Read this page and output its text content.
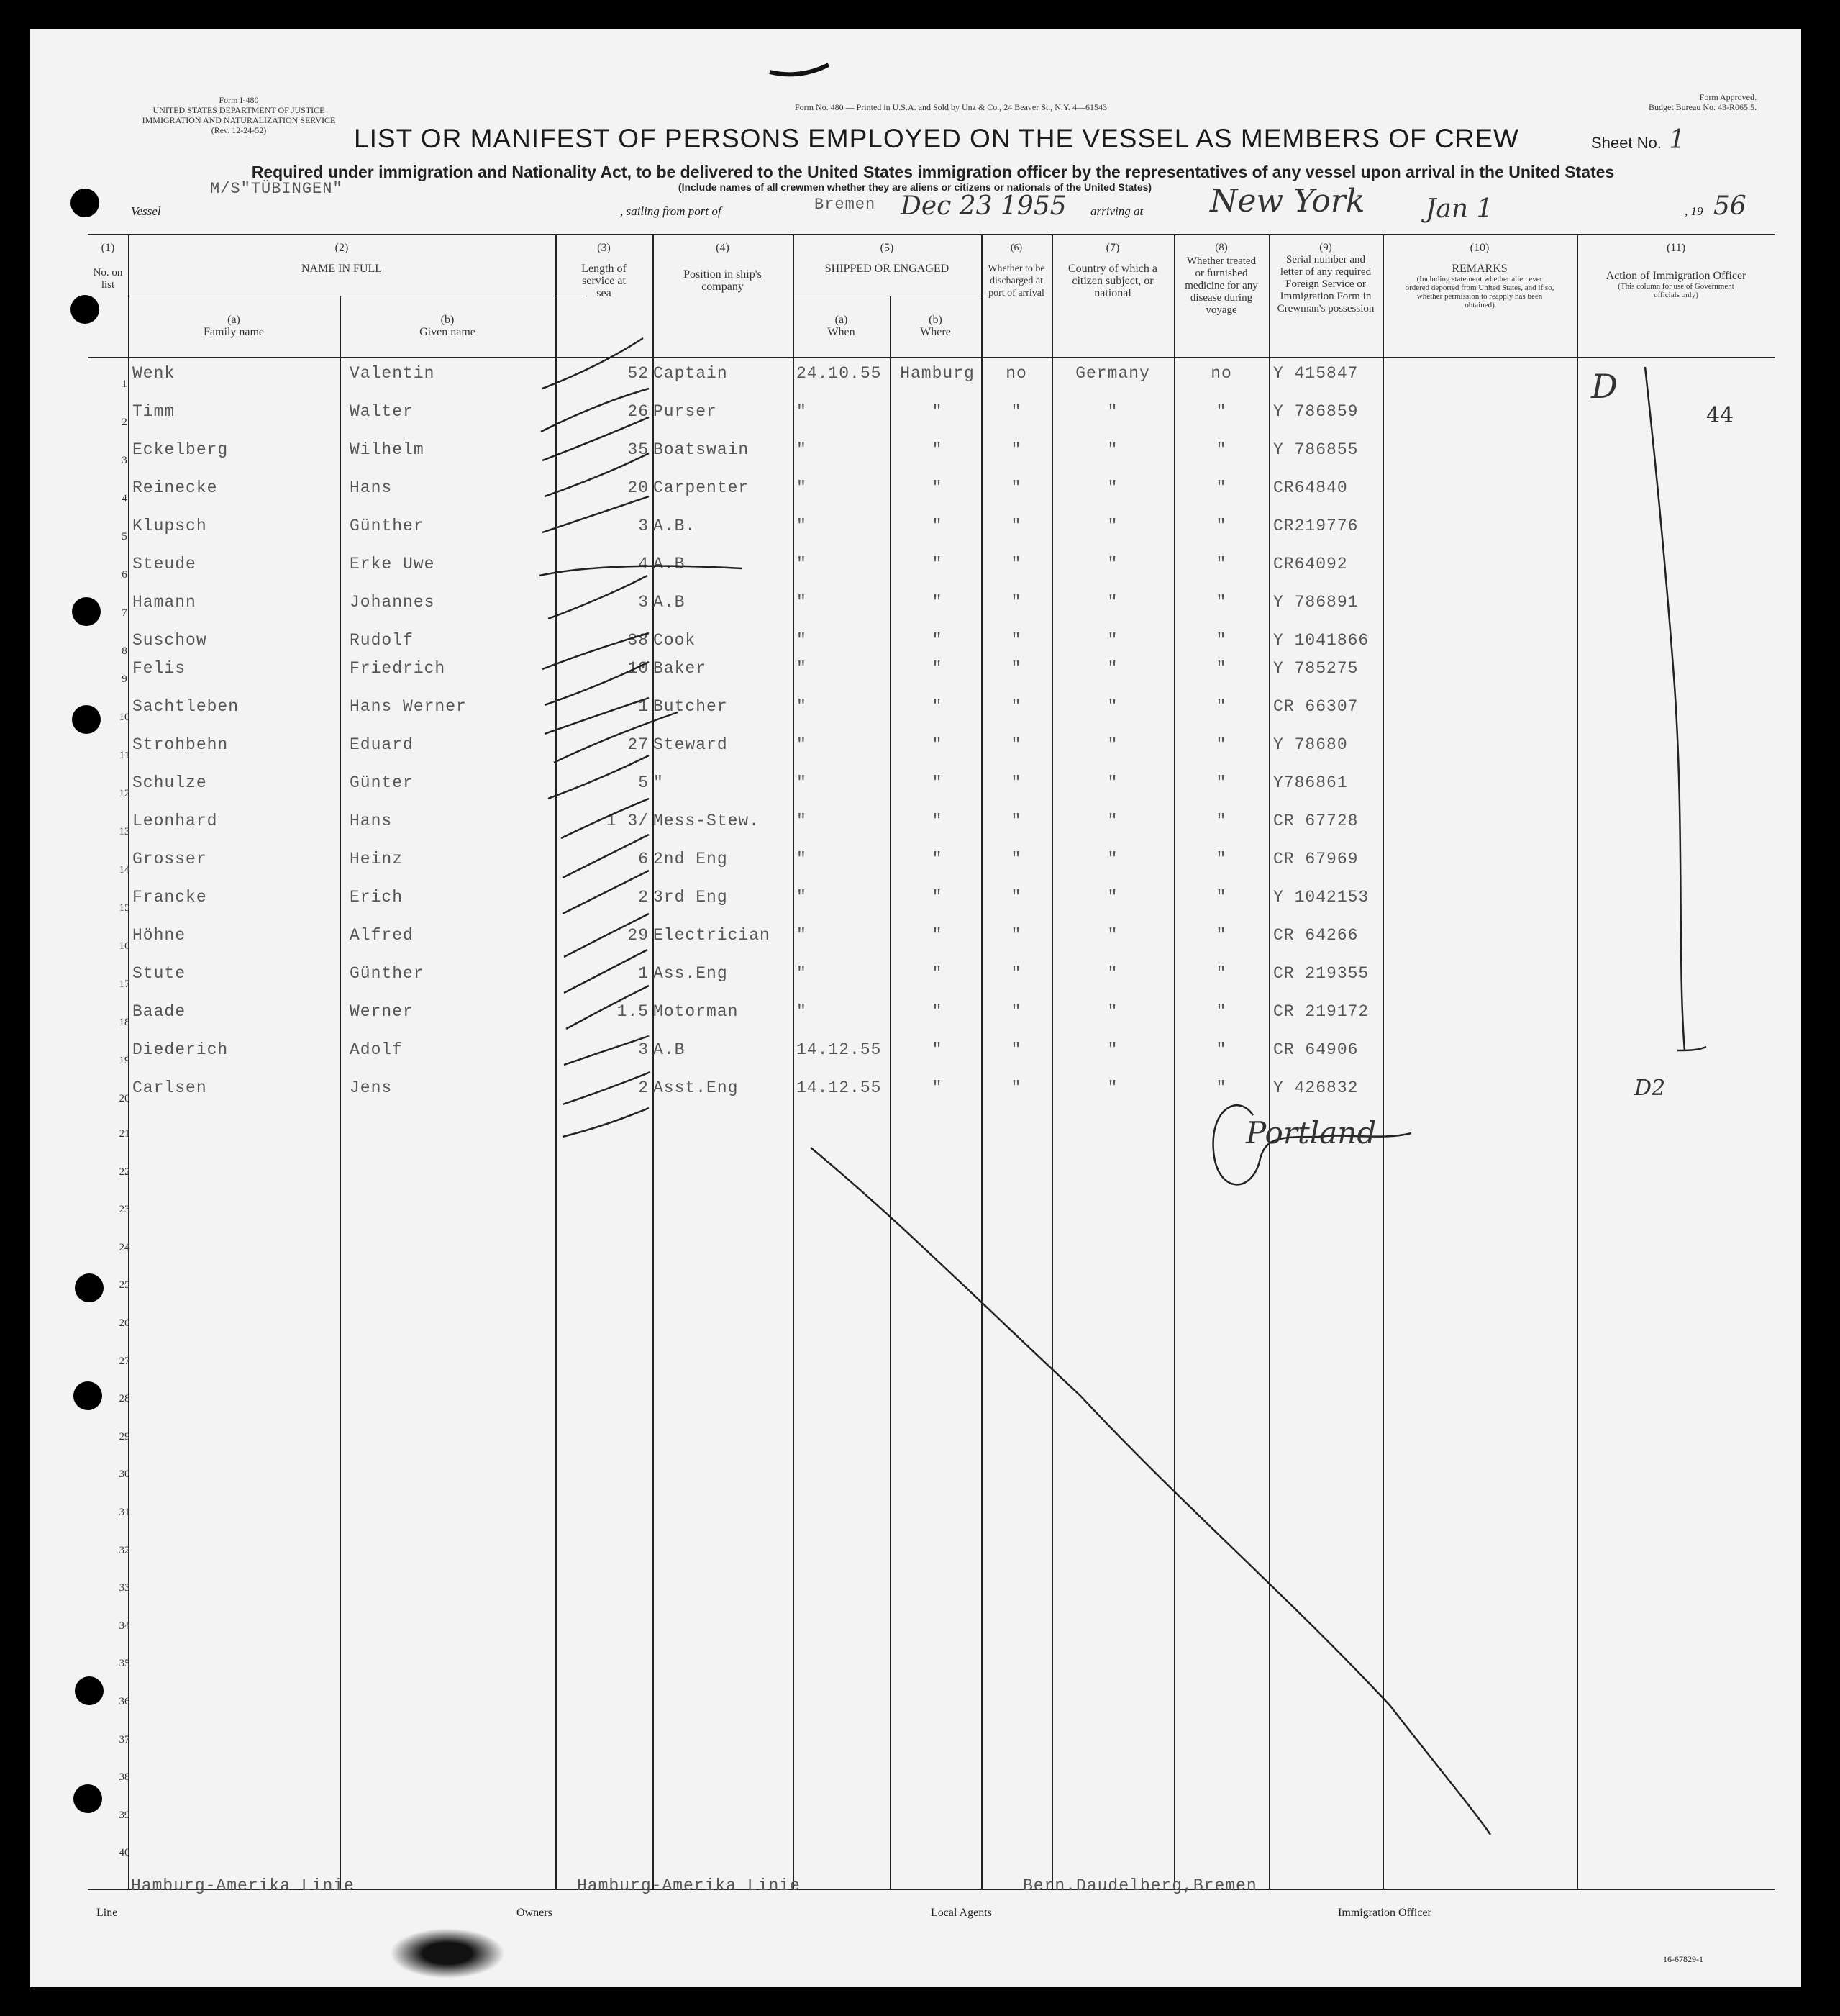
Form I-480
UNITED STATES DEPARTMENT OF JUSTICE
IMMIGRATION AND NATURALIZATION SERVICE
(Rev. 12-24-52)
Form No. 480 — Printed in U.S.A. and Sold by Unz & Co., 24 Beaver St., N.Y. 4—61543
Form Approved.
Budget Bureau No. 43-R065.5.
LIST OR MANIFEST OF PERSONS EMPLOYED ON THE VESSEL AS MEMBERS OF CREW	Sheet No. 1
Required under immigration and Nationality Act, to be delivered to the United States immigration officer by the representatives of any vessel upon arrival in the United States
(Include names of all crewmen whether they are aliens or citizens or nationals of the United States)
Vessel
M/S"TÜBINGEN"
, sailing from port of	Bremen Dec 23 1955 arriving at New York Jan 1	, 19 56
(1)
No. on list
(2)
NAME IN FULL
(a)
Family name
(b)
Given name
(3)
Length of service at sea
(4)
Position in ship's company
(5)
SHIPPED OR ENGAGED
(a)
When
(b)
Where
(6)
Whether to be discharged at port of arrival
(7)
Country of which a citizen subject, or national
(8)
Whether treated or furnished medicine for any disease during voyage
(9)
Serial number and letter of any required Foreign Service or Immigration Form in Crewman's possession
(10)
REMARKS
(Including statement whether alien ever ordered deported from United States, and if so, whether permission to reapply has been obtained)
(11)
Action of Immigration Officer
(This column for use of Government officials only)
1
Wenk	Valentin	52 Captain	24.10.55	Hamburg	no	Germany	no	Y 415847
2
Timm	Walter	26 Purser	"	"	"	"	"	Y 786859
3
Eckelberg	Wilhelm	35 Boatswain	"	"	"	"	"	Y 786855
4
Reinecke	Hans	20 Carpenter	"	"	"	"	"	CR64840
5
Klupsch	Günther	3 A.B.	"	"	"	"	"	CR219776
6
Steude	Erke Uwe	4 A.B	"	"	"	"	"	CR64092
7
Hamann	Johannes	3 A.B	"	"	"	"	"	Y 786891
8
Suschow	Rudolf	38 Cook	"	"	"	"	"	Y 1041866
9
Felis	Friedrich	10 Baker	"	"	"	"	"	Y 785275
10
Sachtleben	Hans Werner	1 Butcher	"	"	"	"	"	CR 66307
11
Strohbehn	Eduard	27 Steward	"	"	"	"	"	Y 78680
12
Schulze	Günter	5 "	"	"	"	"	"	Y786861
13
Leonhard	Hans	1 3/ Mess-Stew.	"	"	"	"	"	CR 67728
14
Grosser	Heinz	6 2nd Eng	"	"	"	"	"	CR 67969
15
Francke	Erich	2 3rd Eng	"	"	"	"	"	Y 1042153
16
Höhne	Alfred	29 Electrician	"	"	"	"	"	CR 64266
17
Stute	Günther	1 Ass.Eng	"	"	"	"	"	CR 219355
18
Baade	Werner	1.5 Motorman	"	"	"	"	"	CR 219172
19
Diederich	Adolf	3 A.B	14.12.55	"	"	"	"	CR 64906
20
Carlsen	Jens	2 Asst.Eng	14.12.55	"	"	"	"	Y 426832
21
22
23
24
25
26
27
28
29
30
31
32
33
34
35
36
37
38
39
40
D
44
D2
Portland
Hamburg-Amerika Linie
Line
Hamburg-Amerika Linie
Owners
Bern.Daudelberg,Bremen
Local Agents	Immigration Officer
16-67829-1
